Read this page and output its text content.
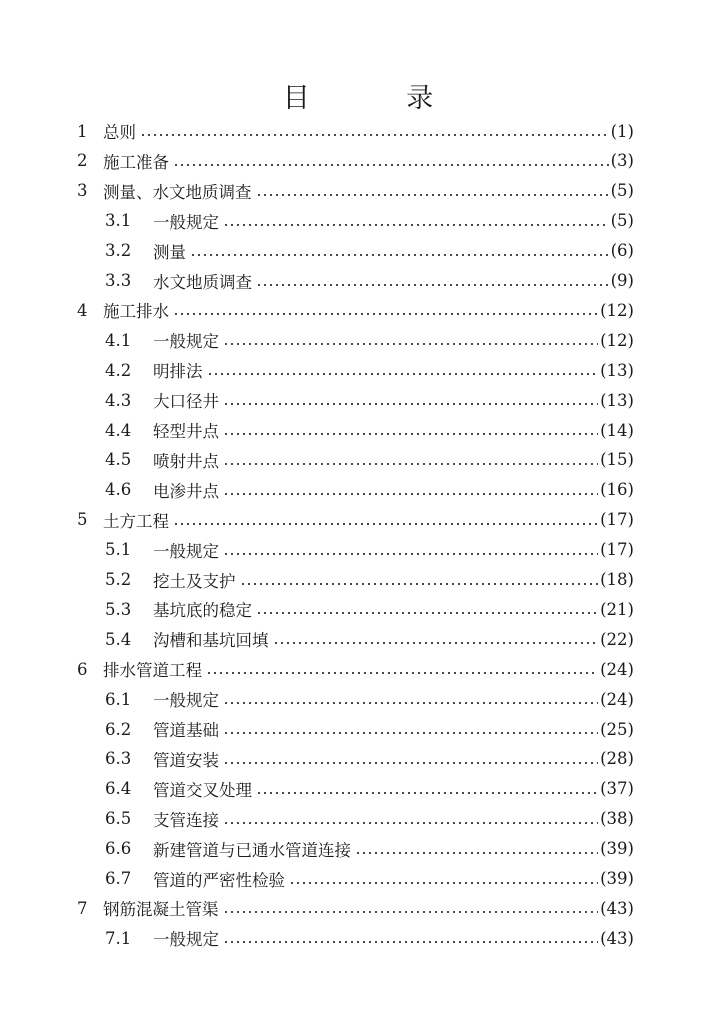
目 录
1 总则	(1)
2 施工准备	(3)
3 测量、水文地质调查	(5)
3.1	一般规定	(5)
3.2	测量	(6)
3.3	水文地质调查	(9)
4 施工排水	(12)
4.1	一般规定	(12)
4.2	明排法	(13)
4.3	大口径井	(13)
4.4	轻型井点	(14)
4.5	喷射井点	(15)
4.6	电渗井点	(16)
5 土方工程	(17)
5.1	一般规定	(17)
5.2	挖土及支护	(18)
5.3	基坑底的稳定	(21)
5.4	沟槽和基坑回填	(22)
6 排水管道工程	(24)
6.1	一般规定	(24)
6.2	管道基础	(25)
6.3	管道安装	(28)
6.4	管道交叉处理	(37)
6.5	支管连接	(38)
6.6	新建管道与已通水管道连接	(39)
6.7	管道的严密性检验	(39)
7 钢筋混凝土管渠	(43)
7.1	一般规定	(43)
